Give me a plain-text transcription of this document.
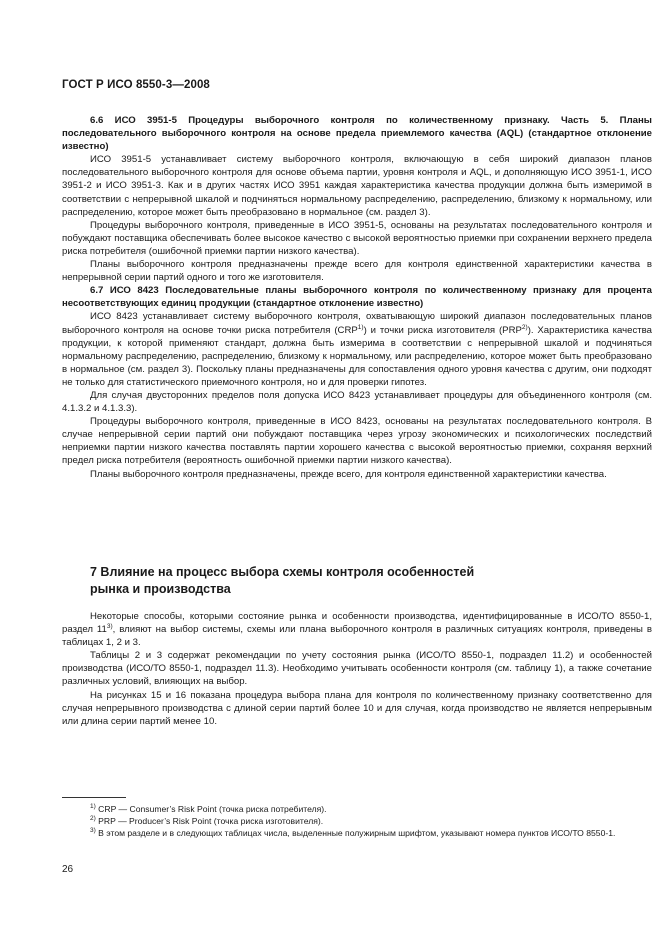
ГОСТ Р ИСО 8550-3—2008

6.6 ИСО 3951-5 Процедуры выборочного контроля по количественному признаку. Часть 5. Планы последовательного выборочного контроля на основе предела приемлемого качества (AQL) (стандартное отклонение известно)

ИСО 3951-5 устанавливает систему выборочного контроля, включающую в себя широкий диапазон планов последовательного выборочного контроля для основе объема партии, уровня контроля и AQL, и дополняющую ИСО 3951-1, ИСО 3951-2 и ИСО 3951-3. Как и в других частях ИСО 3951 каждая характеристика качества продукции должна быть измеримой в соответствии с непрерывной шкалой и подчиняться нормальному распределению, распределению, близкому к нормальному, или распределению, которое может быть преобразовано в нормальное (см. раздел 3).

Процедуры выборочного контроля, приведенные в ИСО 3951-5, основаны на результатах последовательного контроля и побуждают поставщика обеспечивать более высокое качество с высокой вероятностью приемки при сохранении верхнего предела риска потребителя (ошибочной приемки партии низкого качества).

Планы выборочного контроля предназначены прежде всего для контроля единственной характеристики качества в непрерывной серии партий одного и того же изготовителя.

6.7 ИСО 8423 Последовательные планы выборочного контроля по количественному признаку для процента несоответствующих единиц продукции (стандартное отклонение известно)

ИСО 8423 устанавливает систему выборочного контроля, охватывающую широкий диапазон последовательных планов выборочного контроля на основе точки риска потребителя (CRP$^{1)}$) и точки риска изготовителя (PRP$^{2)}$). Характеристика качества продукции, к которой применяют стандарт, должна быть измерима в соответствии с непрерывной шкалой и подчиняться нормальному распределению, распределению, близкому к нормальному, или распределению, которое может быть преобразовано в нормальное (см. раздел 3). Поскольку планы предназначены для сопоставления одного уровня качества с другим, они подходят не только для статистического приемочного контроля, но и для проверки гипотез.

Для случая двусторонних пределов поля допуска ИСО 8423 устанавливает процедуры для объединенного контроля (см. 4.1.3.2 и 4.1.3.3).

Процедуры выборочного контроля, приведенные в ИСО 8423, основаны на результатах последовательного контроля. В случае непрерывной серии партий они побуждают поставщика через угрозу экономических и психологических последствий неприемки партии низкого качества поставлять партии хорошего качества с высокой вероятностью приемки, сохраняя верхний предел риска потребителя (вероятность ошибочной приемки партии низкого качества).

Планы выборочного контроля предназначены, прежде всего, для контроля единственной характеристики качества.

7 Влияние на процесс выбора схемы контроля особенностей
рынка и производства

Некоторые способы, которыми состояние рынка и особенности производства, идентифицированные в ИСО/ТО 8550-1, раздел 11$^{3)}$, влияют на выбор системы, схемы или плана выборочного контроля в различных ситуациях контроля, приведены в таблицах 1, 2 и 3.

Таблицы 2 и 3 содержат рекомендации по учету состояния рынка (ИСО/ТО 8550-1, подраздел 11.2) и особенностей производства (ИСО/ТО 8550-1, подраздел 11.3). Необходимо учитывать особенности контроля (см. таблицу 1), а также сочетание различных условий, влияющих на выбор.

На рисунках 15 и 16 показана процедура выбора плана для контроля по количественному признаку соответственно для случая непрерывного производства с длиной серии партий более 10 и для случая, когда производство не является непрерывным или длина серии партий менее 10.

$^{1)}$ CRP — Consumer’s Risk Point (точка риска потребителя).

$^{2)}$ PRP — Producer’s Risk Point (точка риска изготовителя).

$^{3)}$ В этом разделе и в следующих таблицах числа, выделенные полужирным шрифтом, указывают номера пунктов ИСО/ТО 8550-1.

26
